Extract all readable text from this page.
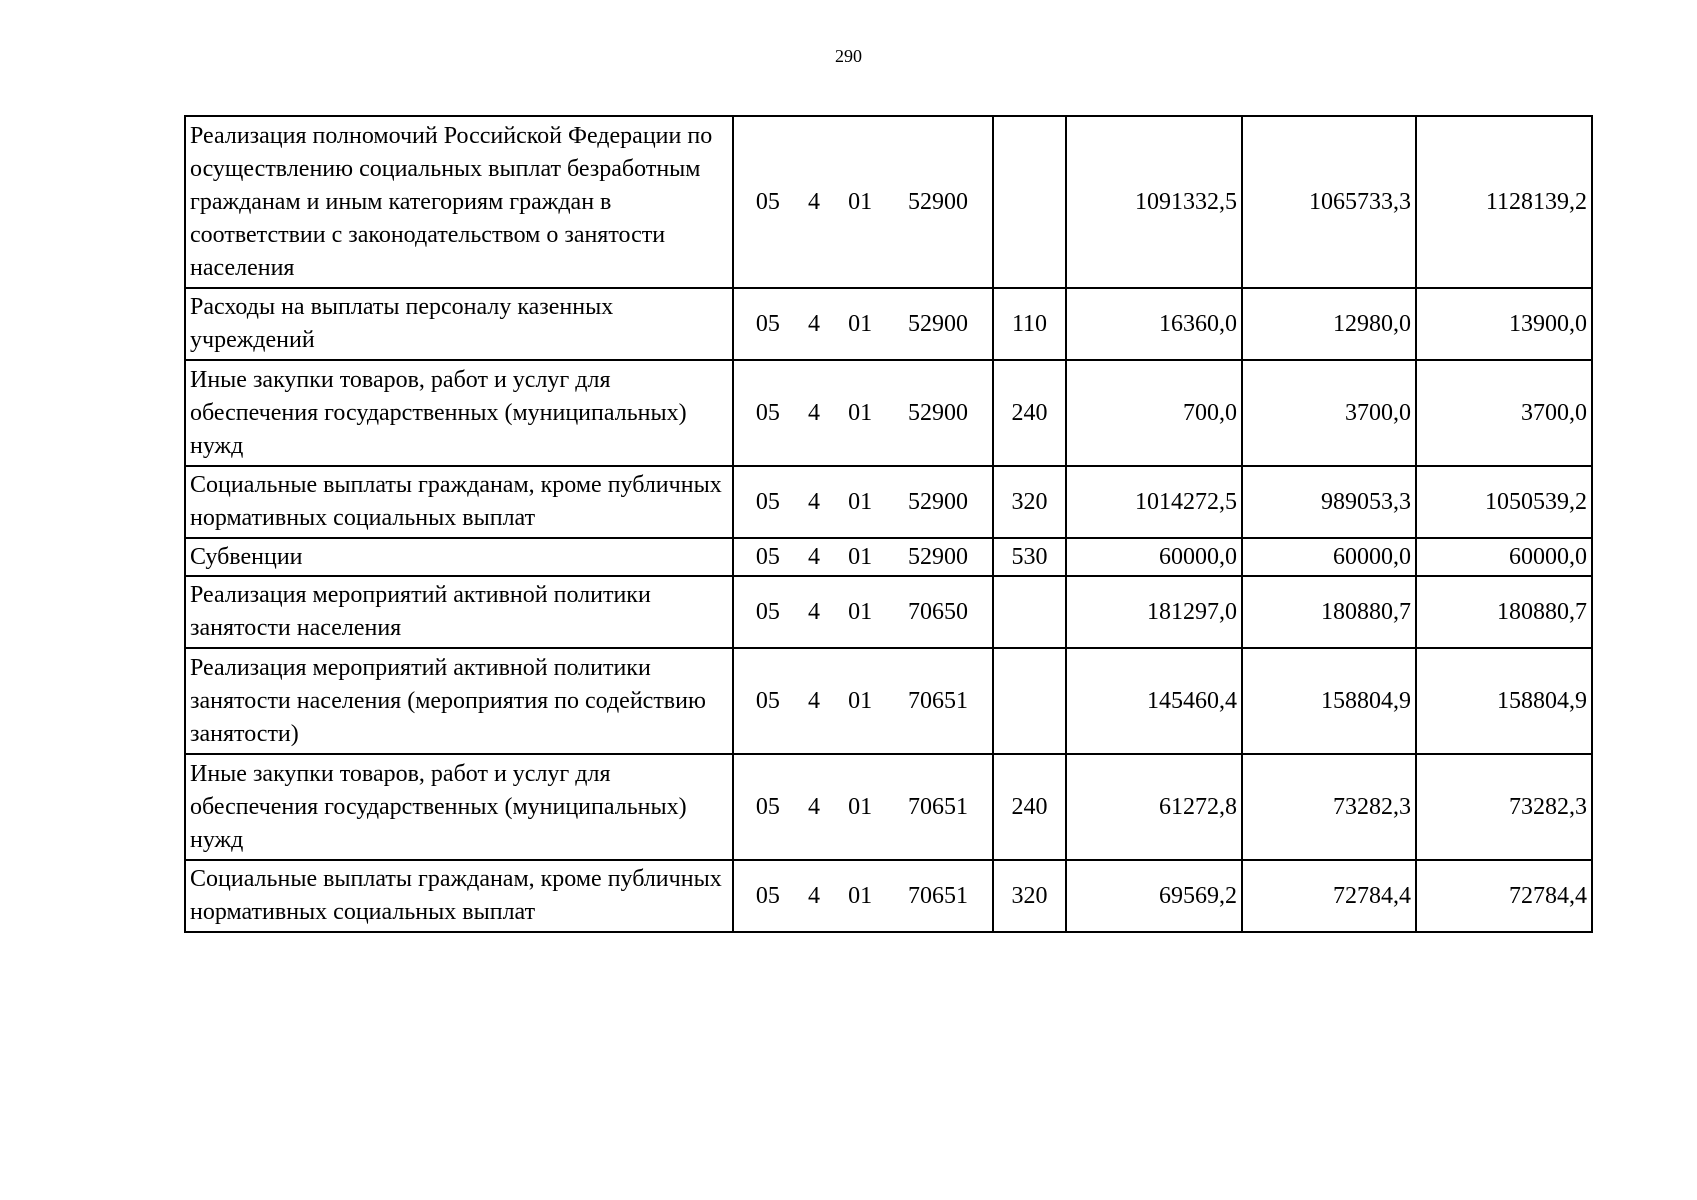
290
Реализация полномочий Российской Федерации по осуществлению социальных выплат безработным гражданам и иным категориям граждан в соответствии с законодательством о занятости населения	05 4 01 52900		1091332,5	1065733,3	1128139,2
Расходы на выплаты персоналу казенных учреждений	05 4 01 52900	110	16360,0	12980,0	13900,0
Иные закупки товаров, работ и услуг для обеспечения государственных (муниципальных) нужд	05 4 01 52900	240	700,0	3700,0	3700,0
Социальные выплаты гражданам, кроме публичных нормативных социальных выплат	05 4 01 52900	320	1014272,5	989053,3	1050539,2
Субвенции	05 4 01 52900	530	60000,0	60000,0	60000,0
Реализация мероприятий активной политики занятости населения	05 4 01 70650		181297,0	180880,7	180880,7
Реализация мероприятий активной политики занятости населения (мероприятия по содействию занятости)	05 4 01 70651		145460,4	158804,9	158804,9
Иные закупки товаров, работ и услуг для обеспечения государственных (муниципальных) нужд	05 4 01 70651	240	61272,8	73282,3	73282,3
Социальные выплаты гражданам, кроме публичных нормативных социальных выплат	05 4 01 70651	320	69569,2	72784,4	72784,4
